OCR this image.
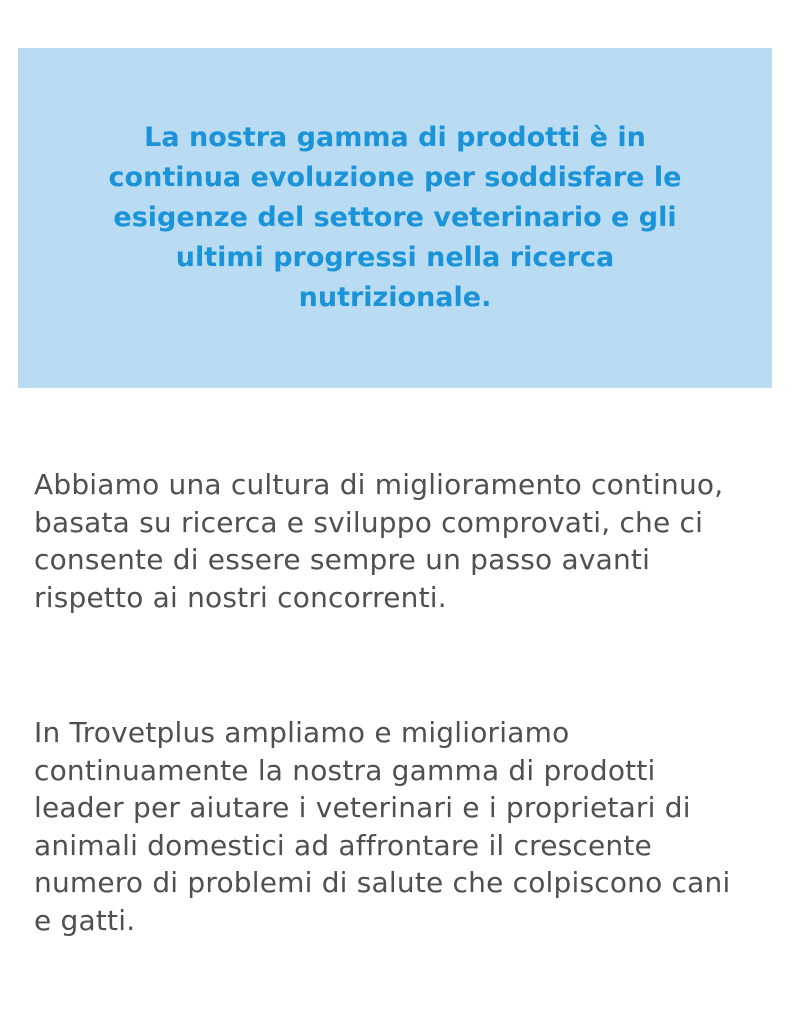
La nostra gamma di prodotti è in continua evoluzione per soddisfare le esigenze del settore veterinario e gli ultimi progressi nella ricerca nutrizionale.

Abbiamo una cultura di miglioramento continuo, basata su ricerca e sviluppo comprovati, che ci consente di essere sempre un passo avanti rispetto ai nostri concorrenti.

In Trovetplus ampliamo e miglioriamo continuamente la nostra gamma di prodotti leader per aiutare i veterinari e i proprietari di animali domestici ad affrontare il crescente numero di problemi di salute che colpiscono cani e gatti.
